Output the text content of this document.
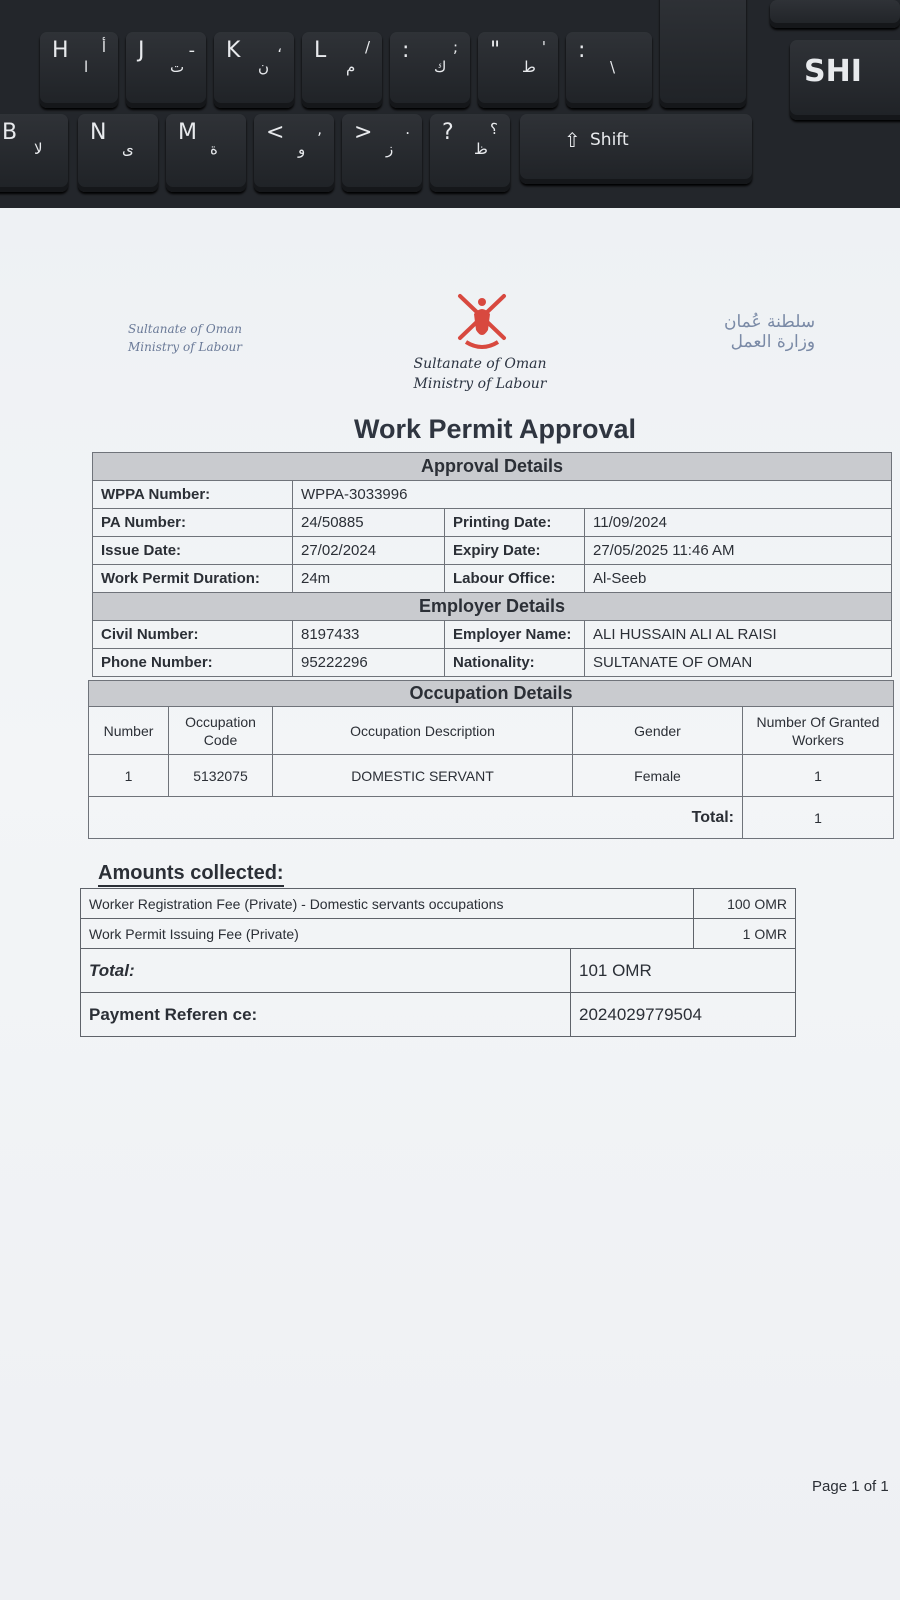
H أ
ا
J	ـ
ت
K ،
ن
L /
م
:	;
ك
"	'
ط
:
\	SHI
B
لا
N
ى
M
ة
< ,
و
> .
ز
? ؟
ظ	⇧ Shift
Sultanate of Oman
Ministry of Labour
Sultanate of Oman
Ministry of Labour
سلطنة عُمان
وزارة العمل
Work Permit Approval
Approval Details			
WPPA Number:	WPPA-3033996		
PA Number:	24/50885	Printing Date:	11/09/2024
Issue Date:	27/02/2024	Expiry Date:	27/05/2025 11:46 AM
Work Permit Duration:	24m	Labour Office:	Al-Seeb
Employer Details			
Civil Number:	8197433	Employer Name:	ALI HUSSAIN ALI AL RAISI
Phone Number:	95222296	Nationality:	SULTANATE OF OMAN
Occupation Details				
Number	Occupation Code	Occupation Description	Gender	Number Of Granted Workers
1	5132075	DOMESTIC SERVANT	Female	1
Total:				1
Amounts collected:
Worker Registration Fee (Private) - Domestic servants occupations		100 OMR
Work Permit Issuing Fee (Private)		1 OMR
Total:	101 OMR	
Payment Referen ce:	2024029779504	
Page 1 of 1
